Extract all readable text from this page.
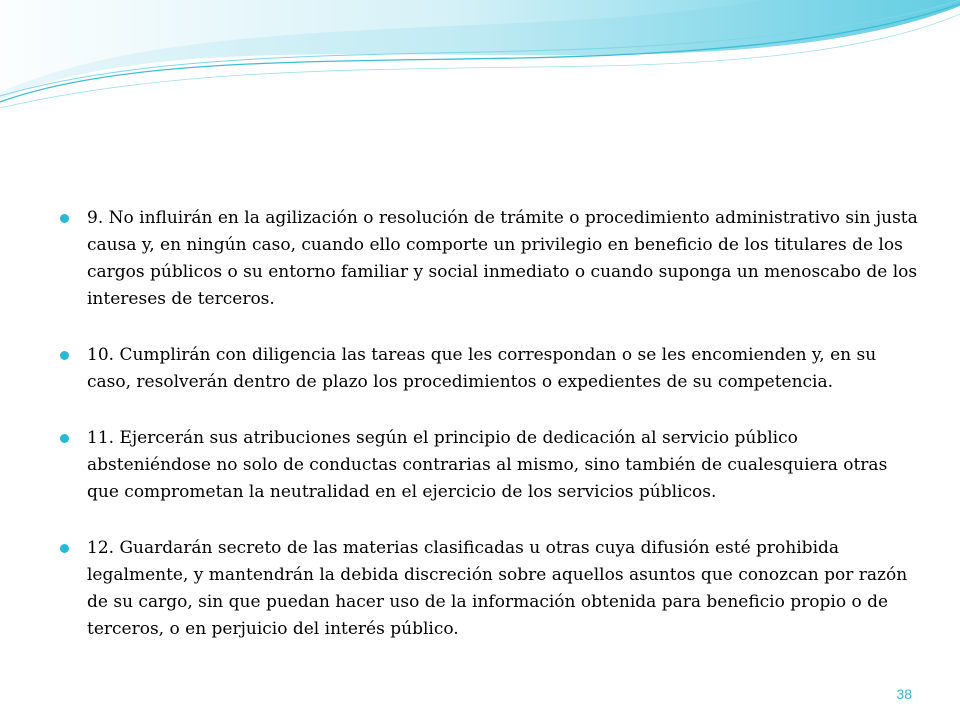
9. No influirán en la agilización o resolución de trámite o procedimiento administrativo sin justa causa y, en ningún caso, cuando ello comporte un privilegio en beneficio de los titulares de los cargos públicos o su entorno familiar y social inmediato o cuando suponga un menoscabo de los intereses de terceros.
10. Cumplirán con diligencia las tareas que les correspondan o se les encomienden y, en su caso, resolverán dentro de plazo los procedimientos o expedientes de su competencia.
11. Ejercerán sus atribuciones según el principio de dedicación al servicio público absteniéndose no solo de conductas contrarias al mismo, sino también de cualesquiera otras que comprometan la neutralidad en el ejercicio de los servicios públicos.
12. Guardarán secreto de las materias clasificadas u otras cuya difusión esté prohibida legalmente, y mantendrán la debida discreción sobre aquellos asuntos que conozcan por razón de su cargo, sin que puedan hacer uso de la información obtenida para beneficio propio o de terceros, o en perjuicio del interés público.
38
